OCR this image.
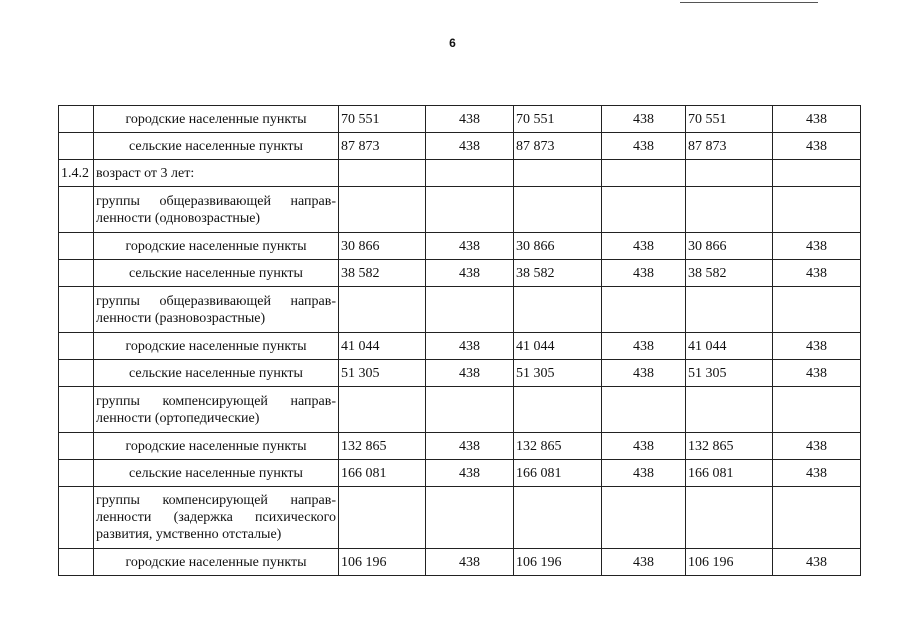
6
	городские населенные пункты	70 551	438	70 551	438	70 551	438
	сельские населенные пункты	87 873	438	87 873	438	87 873	438
1.4.2	возраст от 3 лет:						

	группы общеразвивающей направ-
ленности (одновозрастные)						

	городские населенные пункты	30 866	438	30 866	438	30 866	438
	сельские населенные пункты	38 582	438	38 582	438	38 582	438

	группы общеразвивающей направ-
ленности (разновозрастные)						

	городские населенные пункты	41 044	438	41 044	438	41 044	438
	сельские населенные пункты	51 305	438	51 305	438	51 305	438

	группы компенсирующей направ-
ленности (ортопедические)						

	городские населенные пункты	132 865	438	132 865	438	132 865	438
	сельские населенные пункты	166 081	438	166 081	438	166 081	438

	группы компенсирующей направ-
ленности (задержка психического
развития, умственно отсталые)						

	городские населенные пункты	106 196	438	106 196	438	106 196	438
